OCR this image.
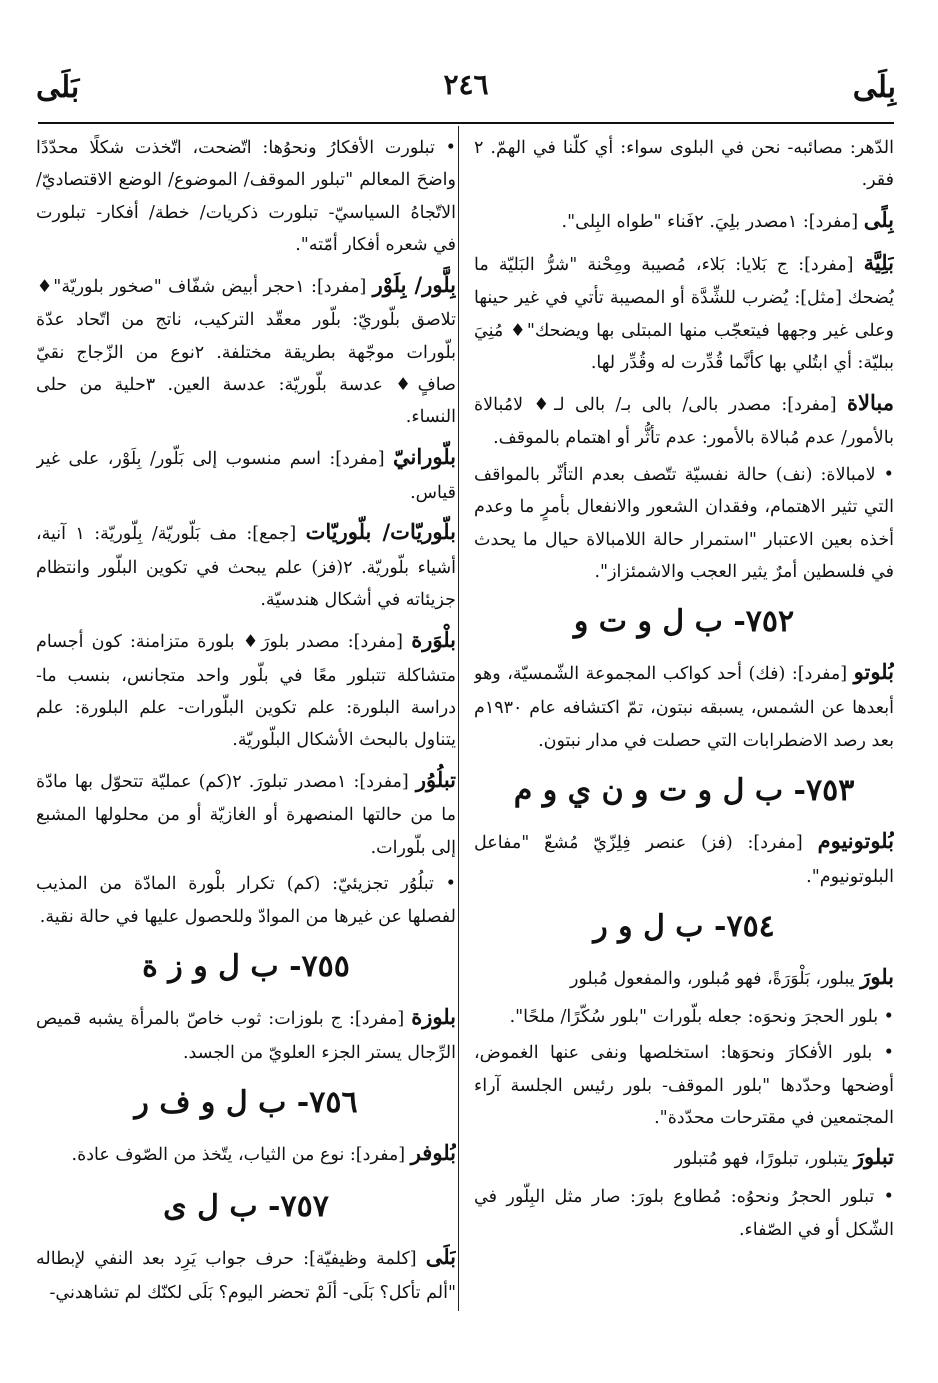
بِلَى
٢٤٦
بَلَى

الدّهر: مصائبه- نحن في البلوى سواء: أي كلّنا في الهمّ. ٢ فقر.

بِلًى [مفرد]: ١مصدر بلِيَ. ٢فَناء "طواه البِلى".

بَلِيَّة [مفرد]: ج بَلايا: بَلاء، مُصيبة ومِحْنة "شرُّ البَليّة ما يُضحك [مثل]: يُضرب للشِّدَّة أو المصيبة تأتي في غير حينها وعلى غير وجهها فيتعجّب منها المبتلى بها ويضحك"♦ مُنِيَ ببليّة: أي ابتُلي بها كأنَّما قُدِّرت له وقُدِّر لها.

مبالاة [مفرد]: مصدر بالى/ بالى بـ/ بالى لـ♦ لامُبالاة بالأمور/ عدم مُبالاة بالأمور: عدم تأثُّر أو اهتمام بالموقف.

• لامبالاة: (نف) حالة نفسيّة تتّصف بعدم التأثّر بالمواقف التي تثير الاهتمام، وفقدان الشعور والانفعال بأمرٍ ما وعدم أخذه بعين الاعتبار "استمرار حالة اللامبالاة حيال ما يحدث في فلسطين أمرٌ يثير العجب والاشمئزاز".

٧٥٢- ب ل و ت و

بُلوتو [مفرد]: (فك) أحد كواكب المجموعة الشّمسيّة، وهو أبعدها عن الشمس، يسبقه نبتون، تمّ اكتشافه عام ١٩٣٠م بعد رصد الاضطرابات التي حصلت في مدار نبتون.

٧٥٣- ب ل و ت و ن ي و م

بُلوتونيوم [مفرد]: (فز) عنصر فِلِزّيّ مُشعّ "مفاعل البلوتونيوم".

٧٥٤- ب ل و ر

بلورَ يبلور، بَلْوَرَةً، فهو مُبلور، والمفعول مُبلور

• بلور الحجرَ ونحوَه: جعله بلّورات "بلور سُكّرًا/ ملحًا".

• بلور الأفكارَ ونحوَها: استخلصها ونفى عنها الغموض، أوضحها وحدّدها "بلور الموقف- بلور رئيس الجلسة آراء المجتمعين في مقترحات محدّدة".

تبلورَ يتبلور، تبلورًا، فهو مُتبلور

• تبلور الحجرُ ونحوُه: مُطاوع بلورَ: صار مثل البِلّور في الشّكل أو في الصّفاء.

• تبلورت الأفكارُ ونحوُها: اتّضحت، اتّخذت شكلًا محدّدًا واضحَ المعالم "تبلور الموقف/ الموضوع/ الوضع الاقتصاديّ/ الاتّجاهُ السياسيّ- تبلورت ذكريات/ خطة/ أفكار- تبلورت في شعره أفكار أمّته".

بِلَّور/ بِلَوْر [مفرد]: ١حجر أبيض شفّاف "صخور بلوريّة"♦ تلاصق بلّوريّ: بلّور معقّد التركيب، ناتج من اتّحاد عدّة بلّورات موجّهة بطريقة مختلفة. ٢نوع من الزّجاج نقيّ صافٍ♦ عدسة بلّوريّة: عدسة العين. ٣حلية من حلى النساء.

بلّورانيّ [مفرد]: اسم منسوب إلى بَلّور/ بِلَوْر، على غير قياس.

بلّوريّات/ بلّوريّات [جمع]: مف بَلّوريّة/ بِلّوريّة: ١ آنية، أشياء بلّوريّة. ٢(فز) علم يبحث في تكوين البلّور وانتظام جزيئاته في أشكال هندسيّة.

بلْوَرة [مفرد]: مصدر بلورَ♦ بلورة متزامنة: كون أجسام متشاكلة تتبلور معًا في بلّور واحد متجانس، بنسب ما- دراسة البلورة: علم تكوين البلّورات- علم البلورة: علم يتناول بالبحث الأشكال البلّوريّة.

تبلُوُر [مفرد]: ١مصدر تبلورَ. ٢(كم) عمليّة تتحوّل بها مادّة ما من حالتها المنصهرة أو الغازيّة أو من محلولها المشبع إلى بلّورات.

• تبلُوُر تجزيئيّ: (كم) تكرار بلْورة المادّة من المذيب لفصلها عن غيرها من الموادّ وللحصول عليها في حالة نقية.

٧٥٥- ب ل و ز ة

بلوزة [مفرد]: ج بلوزات: ثوب خاصّ بالمرأة يشبه قميص الرِّجال يستر الجزء العلويّ من الجسد.

٧٥٦- ب ل و ف ر

بُلوفر [مفرد]: نوع من الثياب، يتّخذ من الصّوف عادة.

٧٥٧- ب ل ى

بَلَى [كلمة وظيفيّة]: حرف جواب يَرِد بعد النفي لإبطاله "ألم تأكل؟ بَلَى- ألَمْ تحضر اليوم؟ بَلَى لكنّك لم تشاهدني-
